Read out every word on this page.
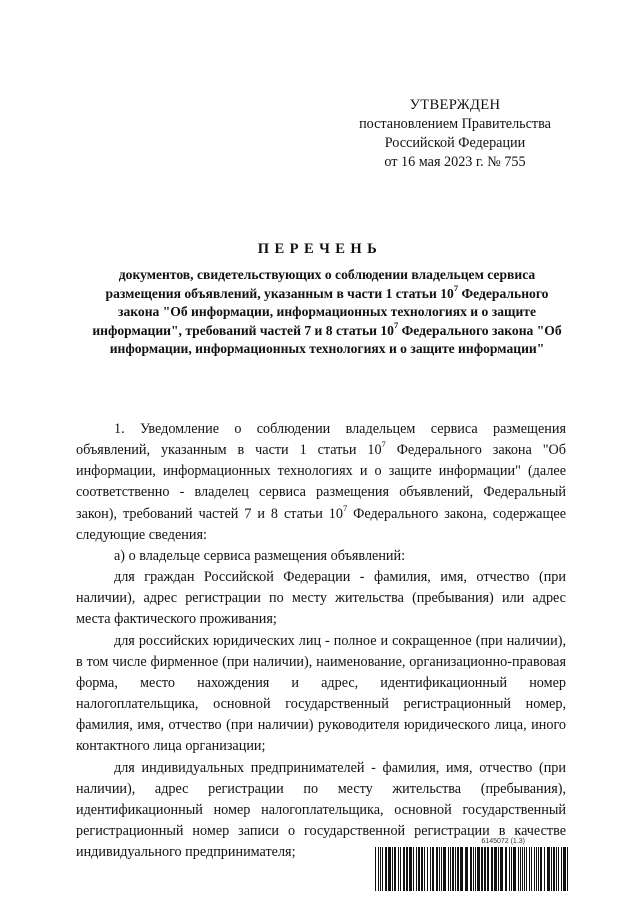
УТВЕРЖДЕН
постановлением Правительства
Российской Федерации
от 16 мая 2023 г. № 755
ПЕРЕЧЕНЬ
документов, свидетельствующих о соблюдении владельцем сервиса размещения объявлений, указанным в части 1 статьи $10^7$ Федерального закона "Об информации, информационных технологиях и о защите информации", требований частей 7 и 8 статьи $10^7$ Федерального закона "Об информации, информационных технологиях и о защите информации"

1. Уведомление о соблюдении владельцем сервиса размещения объявлений, указанным в части 1 статьи $10^7$ Федерального закона "Об информации, информационных технологиях и о защите информации" (далее соответственно - владелец сервиса размещения объявлений, Федеральный закон), требований частей 7 и 8 статьи $10^7$ Федерального закона, содержащее следующие сведения:

а) о владельце сервиса размещения объявлений:

для граждан Российской Федерации - фамилия, имя, отчество (при наличии), адрес регистрации по месту жительства (пребывания) или адрес места фактического проживания;

для российских юридических лиц - полное и сокращенное (при наличии), в том числе фирменное (при наличии), наименование, организационно-правовая форма, место нахождения и адрес, идентификационный номер налогоплательщика, основной государственный регистрационный номер, фамилия, имя, отчество (при наличии) руководителя юридического лица, иного контактного лица организации;

для индивидуальных предпринимателей - фамилия, имя, отчество (при наличии), адрес регистрации по месту жительства (пребывания), идентификационный номер налогоплательщика, основной государственный регистрационный номер записи о государственной регистрации в качестве индивидуального предпринимателя;

6145072 (1.3)
